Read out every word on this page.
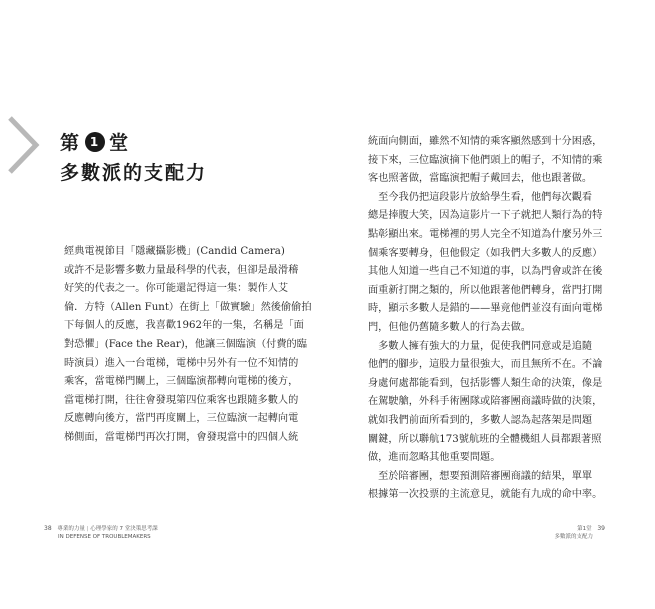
第 1 堂
多數派的支配力
經典電視節目「隱藏攝影機」(Candid Camera)
或許不是影響多數力量最科學的代表，但卻是最滑稽
好笑的代表之一。你可能還記得這一集：製作人艾
倫．方特（Allen Funt）在街上「做實驗」然後偷偷拍
下每個人的反應，我喜歡1962年的一集，名稱是「面
對恐懼」(Face the Rear)，他讓三個臨演（付費的臨
時演員）進入一台電梯，電梯中另外有一位不知情的
乘客，當電梯門關上，三個臨演都轉向電梯的後方，
當電梯打開，往往會發現第四位乘客也跟隨多數人的
反應轉向後方，當門再度關上，三位臨演一起轉向電
梯側面，當電梯門再次打開，會發現當中的四個人統
38 專業的力量 | 心理學家的 7 堂決策思考課
IN DEFENSE OF TROUBLEMAKERS
統面向側面，雖然不知情的乘客顯然感到十分困惑，
接下來，三位臨演摘下他們頭上的帽子，不知情的乘
客也照著做，當臨演把帽子戴回去，他也跟著做。
　至今我仍把這段影片放給學生看，他們每次觀看
總是捧腹大笑，因為這影片一下子就把人類行為的特
點彰顯出來。電梯裡的男人完全不知道為什麼另外三
個乘客要轉身，但他假定（如我們大多數人的反應）
其他人知道一些自己不知道的事，以為門會或許在後
面重新打開之類的，所以他跟著他們轉身，當門打開
時，顯示多數人是錯的——畢竟他們並沒有面向電梯
門，但他仍舊隨多數人的行為去做。
　多數人擁有強大的力量，促使我們同意或是追隨
他們的腳步，這股力量很強大，而且無所不在。不論
身處何處都能看到，包括影響人類生命的決策，像是
在駕駛艙，外科手術團隊或陪審團商議時做的決策，
就如我們前面所看到的，多數人認為起落架是問題
關鍵，所以聯航173號航班的全體機組人員都跟著照
做，進而忽略其他重要問題。
　至於陪審團，想要預測陪審團商議的結果，單單
根據第一次投票的主流意見，就能有九成的命中率。
第1堂 39
多數派的支配力
